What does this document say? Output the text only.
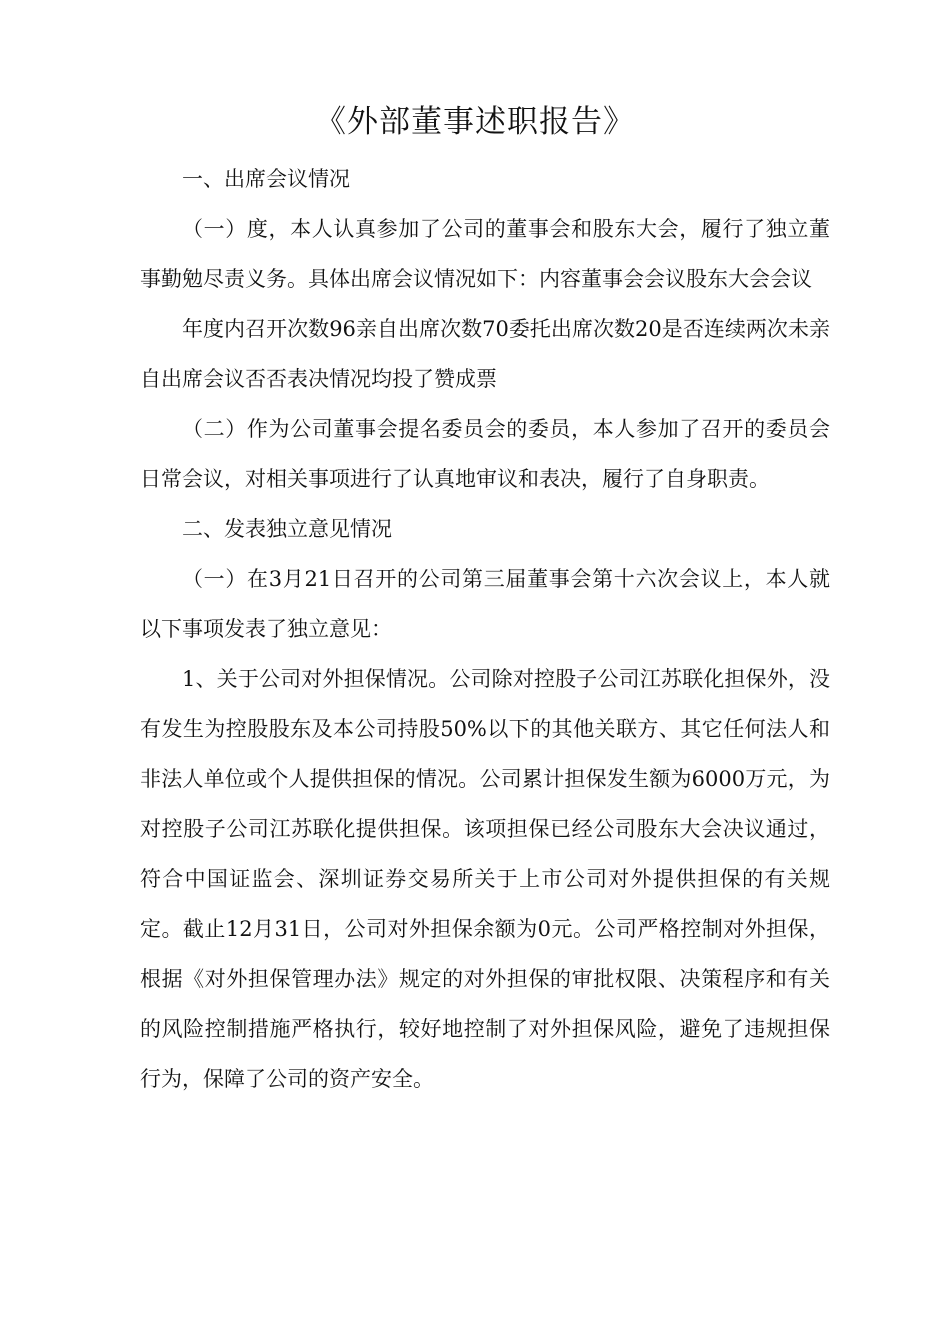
《外部董事述职报告》

一、出席会议情况

（一）度，本人认真参加了公司的董事会和股东大会，履行了独立董事勤勉尽责义务。具体出席会议情况如下：内容董事会会议股东大会会议

年度内召开次数96亲自出席次数70委托出席次数20是否连续两次未亲自出席会议否否表决情况均投了赞成票

（二）作为公司董事会提名委员会的委员，本人参加了召开的委员会日常会议，对相关事项进行了认真地审议和表决，履行了自身职责。

二、发表独立意见情况

（一）在3月21日召开的公司第三届董事会第十六次会议上，本人就以下事项发表了独立意见：

1、关于公司对外担保情况。公司除对控股子公司江苏联化担保外，没有发生为控股股东及本公司持股50%以下的其他关联方、其它任何法人和非法人单位或个人提供担保的情况。公司累计担保发生额为6000万元，为对控股子公司江苏联化提供担保。该项担保已经公司股东大会决议通过，符合中国证监会、深圳证券交易所关于上市公司对外提供担保的有关规定。截止12月31日，公司对外担保余额为0元。公司严格控制对外担保，根据《对外担保管理办法》规定的对外担保的审批权限、决策程序和有关的风险控制措施严格执行，较好地控制了对外担保风险，避免了违规担保行为，保障了公司的资产安全。
